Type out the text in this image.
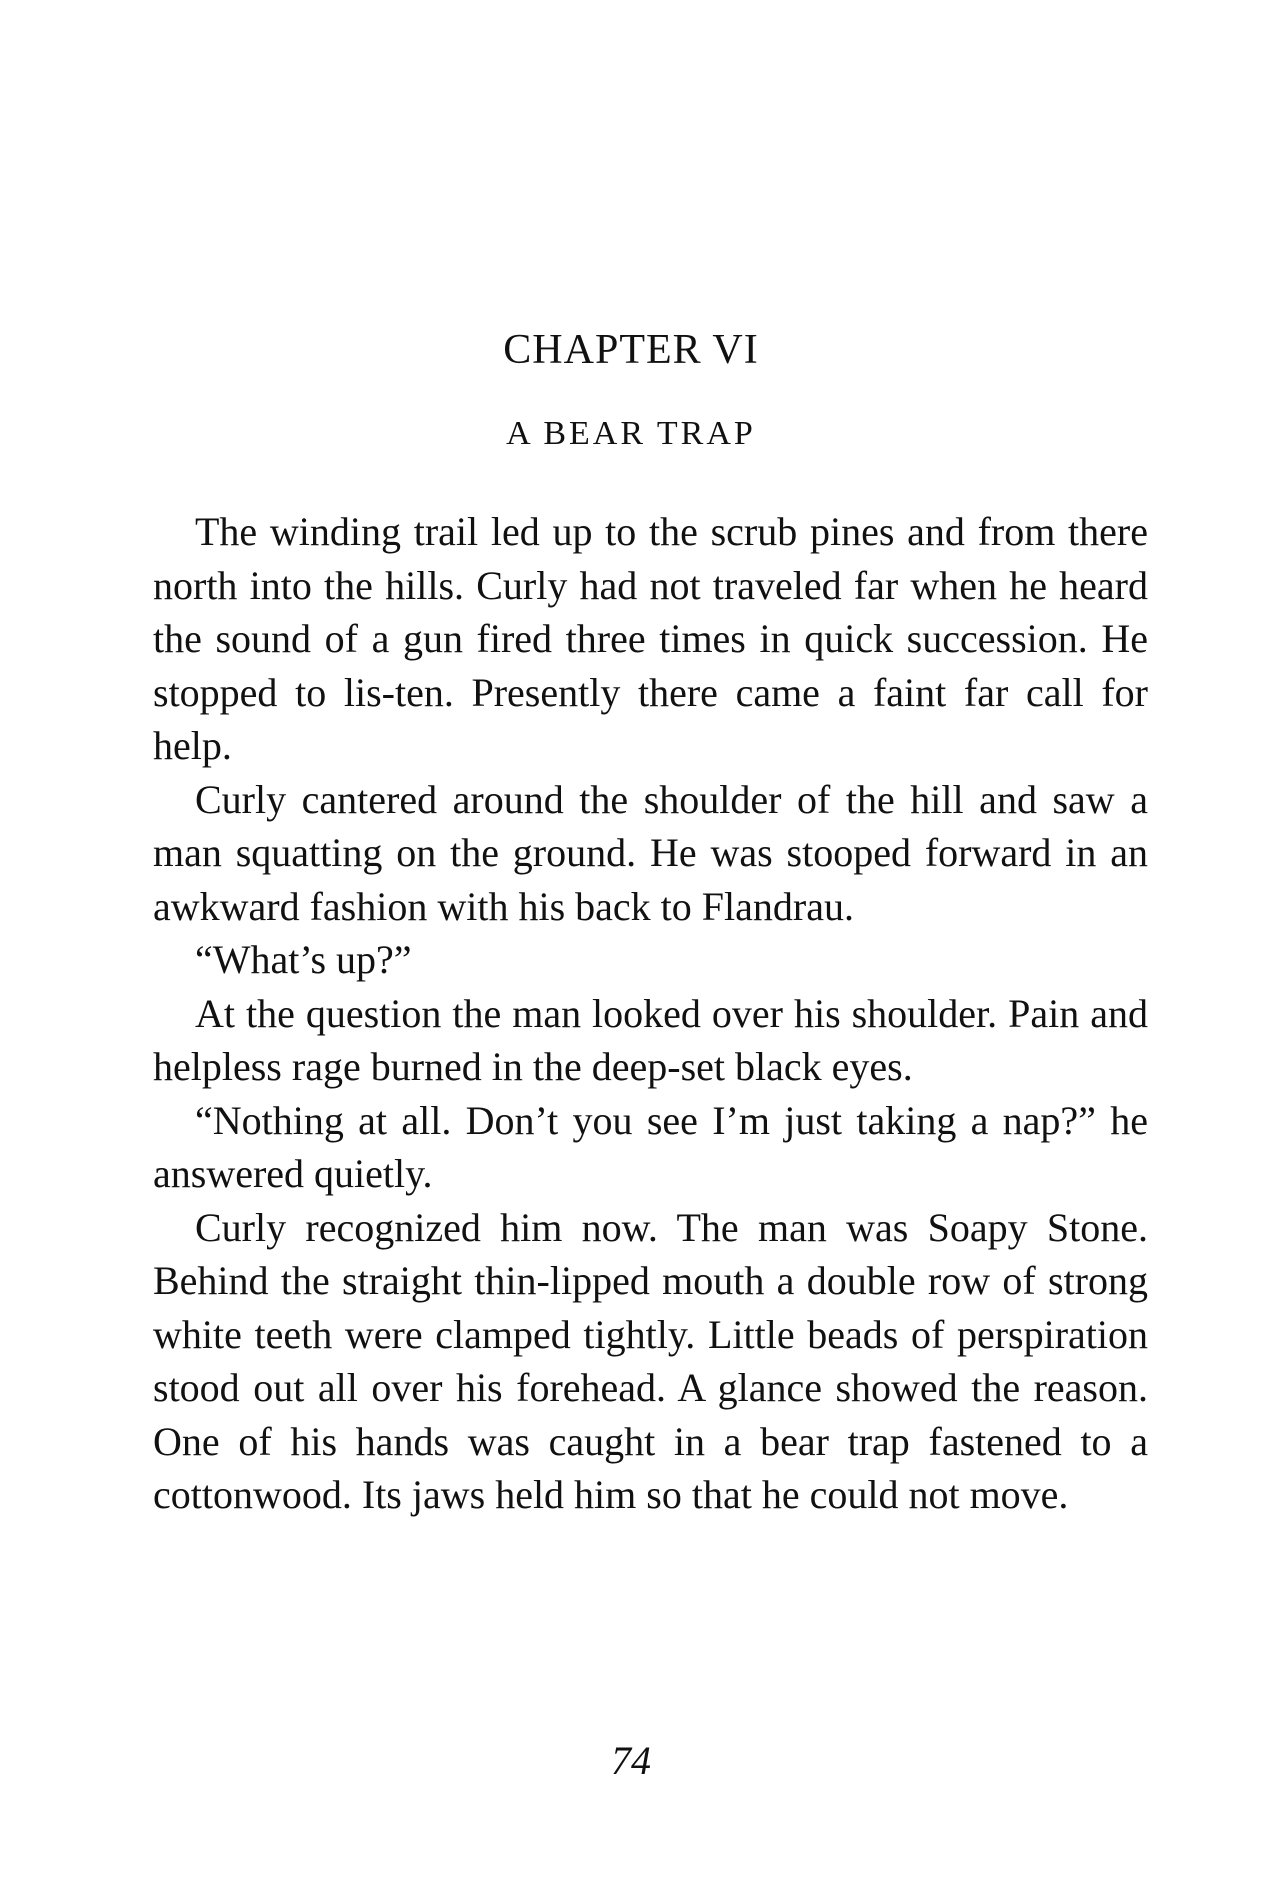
CHAPTER VI
A BEAR TRAP

The winding trail led up to the scrub pines and from there north into the hills. Curly had not traveled far when he heard the sound of a gun fired three times in quick succession. He stopped to lis-ten. Presently there came a faint far call for help.

Curly cantered around the shoulder of the hill and saw a man squatting on the ground. He was stooped forward in an awkward fashion with his back to Flandrau.

“What’s up?”

At the question the man looked over his shoulder. Pain and helpless rage burned in the deep-set black eyes.

“Nothing at all. Don’t you see I’m just taking a nap?” he answered quietly.

Curly recognized him now. The man was Soapy Stone. Behind the straight thin-lipped mouth a double row of strong white teeth were clamped tightly. Little beads of perspiration stood out all over his forehead. A glance showed the reason. One of his hands was caught in a bear trap fastened to a cottonwood. Its jaws held him so that he could not move.

74
